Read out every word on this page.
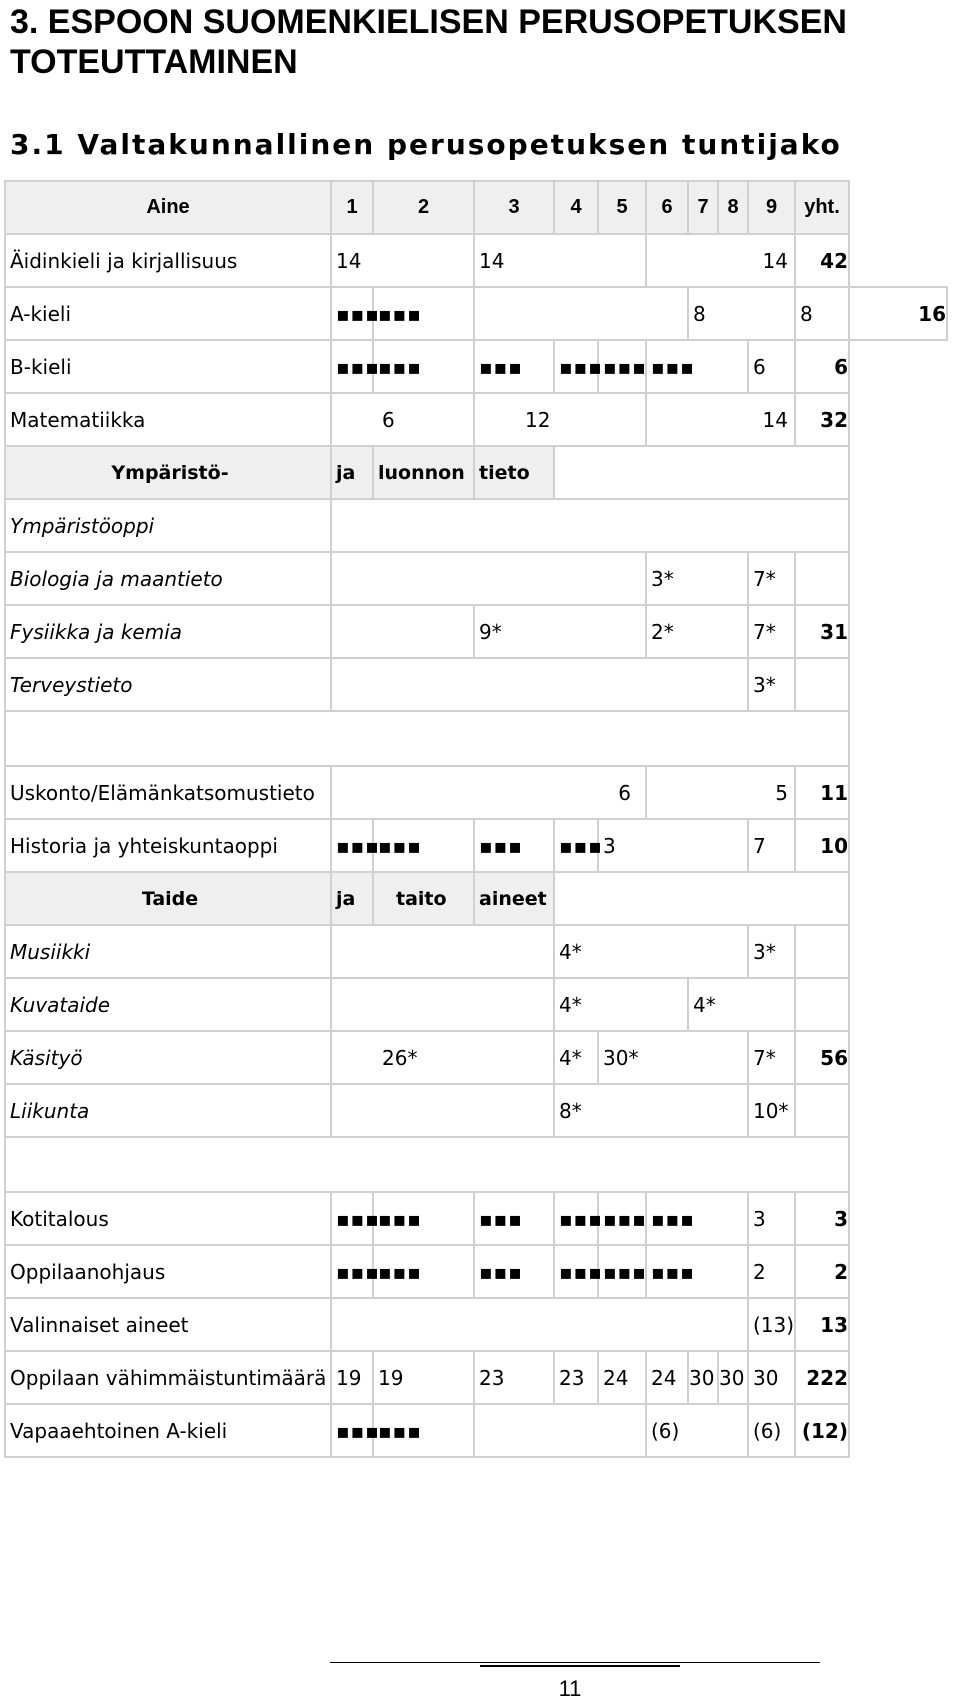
3. ESPOON SUOMENKIELISEN PERUSOPETUKSEN TOTEUTTAMINEN
3.1 Valtakunnallinen perusopetuksen tuntijako
Aine	1	2	3	4	5	6	7	8	9	yht.	
Äidinkieli ja kirjallisuus	14		14			14				42	
A-kieli	▪▪▪	▪▪▪					8			8	16
B-kieli	▪▪▪	▪▪▪	▪▪▪	▪▪▪	▪▪▪	▪▪▪			6	6	
Matematiikka	6		12			14				32	
Ympäristö-	ja	luonnon	tieto								
Ympäristöoppi											
Biologia ja maantieto						3*			7*		
Fysiikka ja kemia			9*			2*			7*	31	
Terveystieto									3*		

Uskonto/Elämänkatsomustieto	6					5				11	
Historia ja yhteiskuntaoppi	▪▪▪	▪▪▪	▪▪▪	▪▪▪	3				7	10	
Taide	ja	taito	aineet								
Musiikki				4*					3*		
Kuvataide				4*			4*				
Käsityö	26*			4*	30*				7*	56	
Liikunta				8*					10*		

Kotitalous	▪▪▪	▪▪▪	▪▪▪	▪▪▪	▪▪▪	▪▪▪			3	3	
Oppilaanohjaus	▪▪▪	▪▪▪	▪▪▪	▪▪▪	▪▪▪	▪▪▪			2	2	
Valinnaiset aineet									(13)	13	
Oppilaan vähimmäistuntimäärä	19	19	23	23	24	24	30	30	30	222	
Vapaaehtoinen A-kieli	▪▪▪	▪▪▪				(6)			(6)	(12)	
11
